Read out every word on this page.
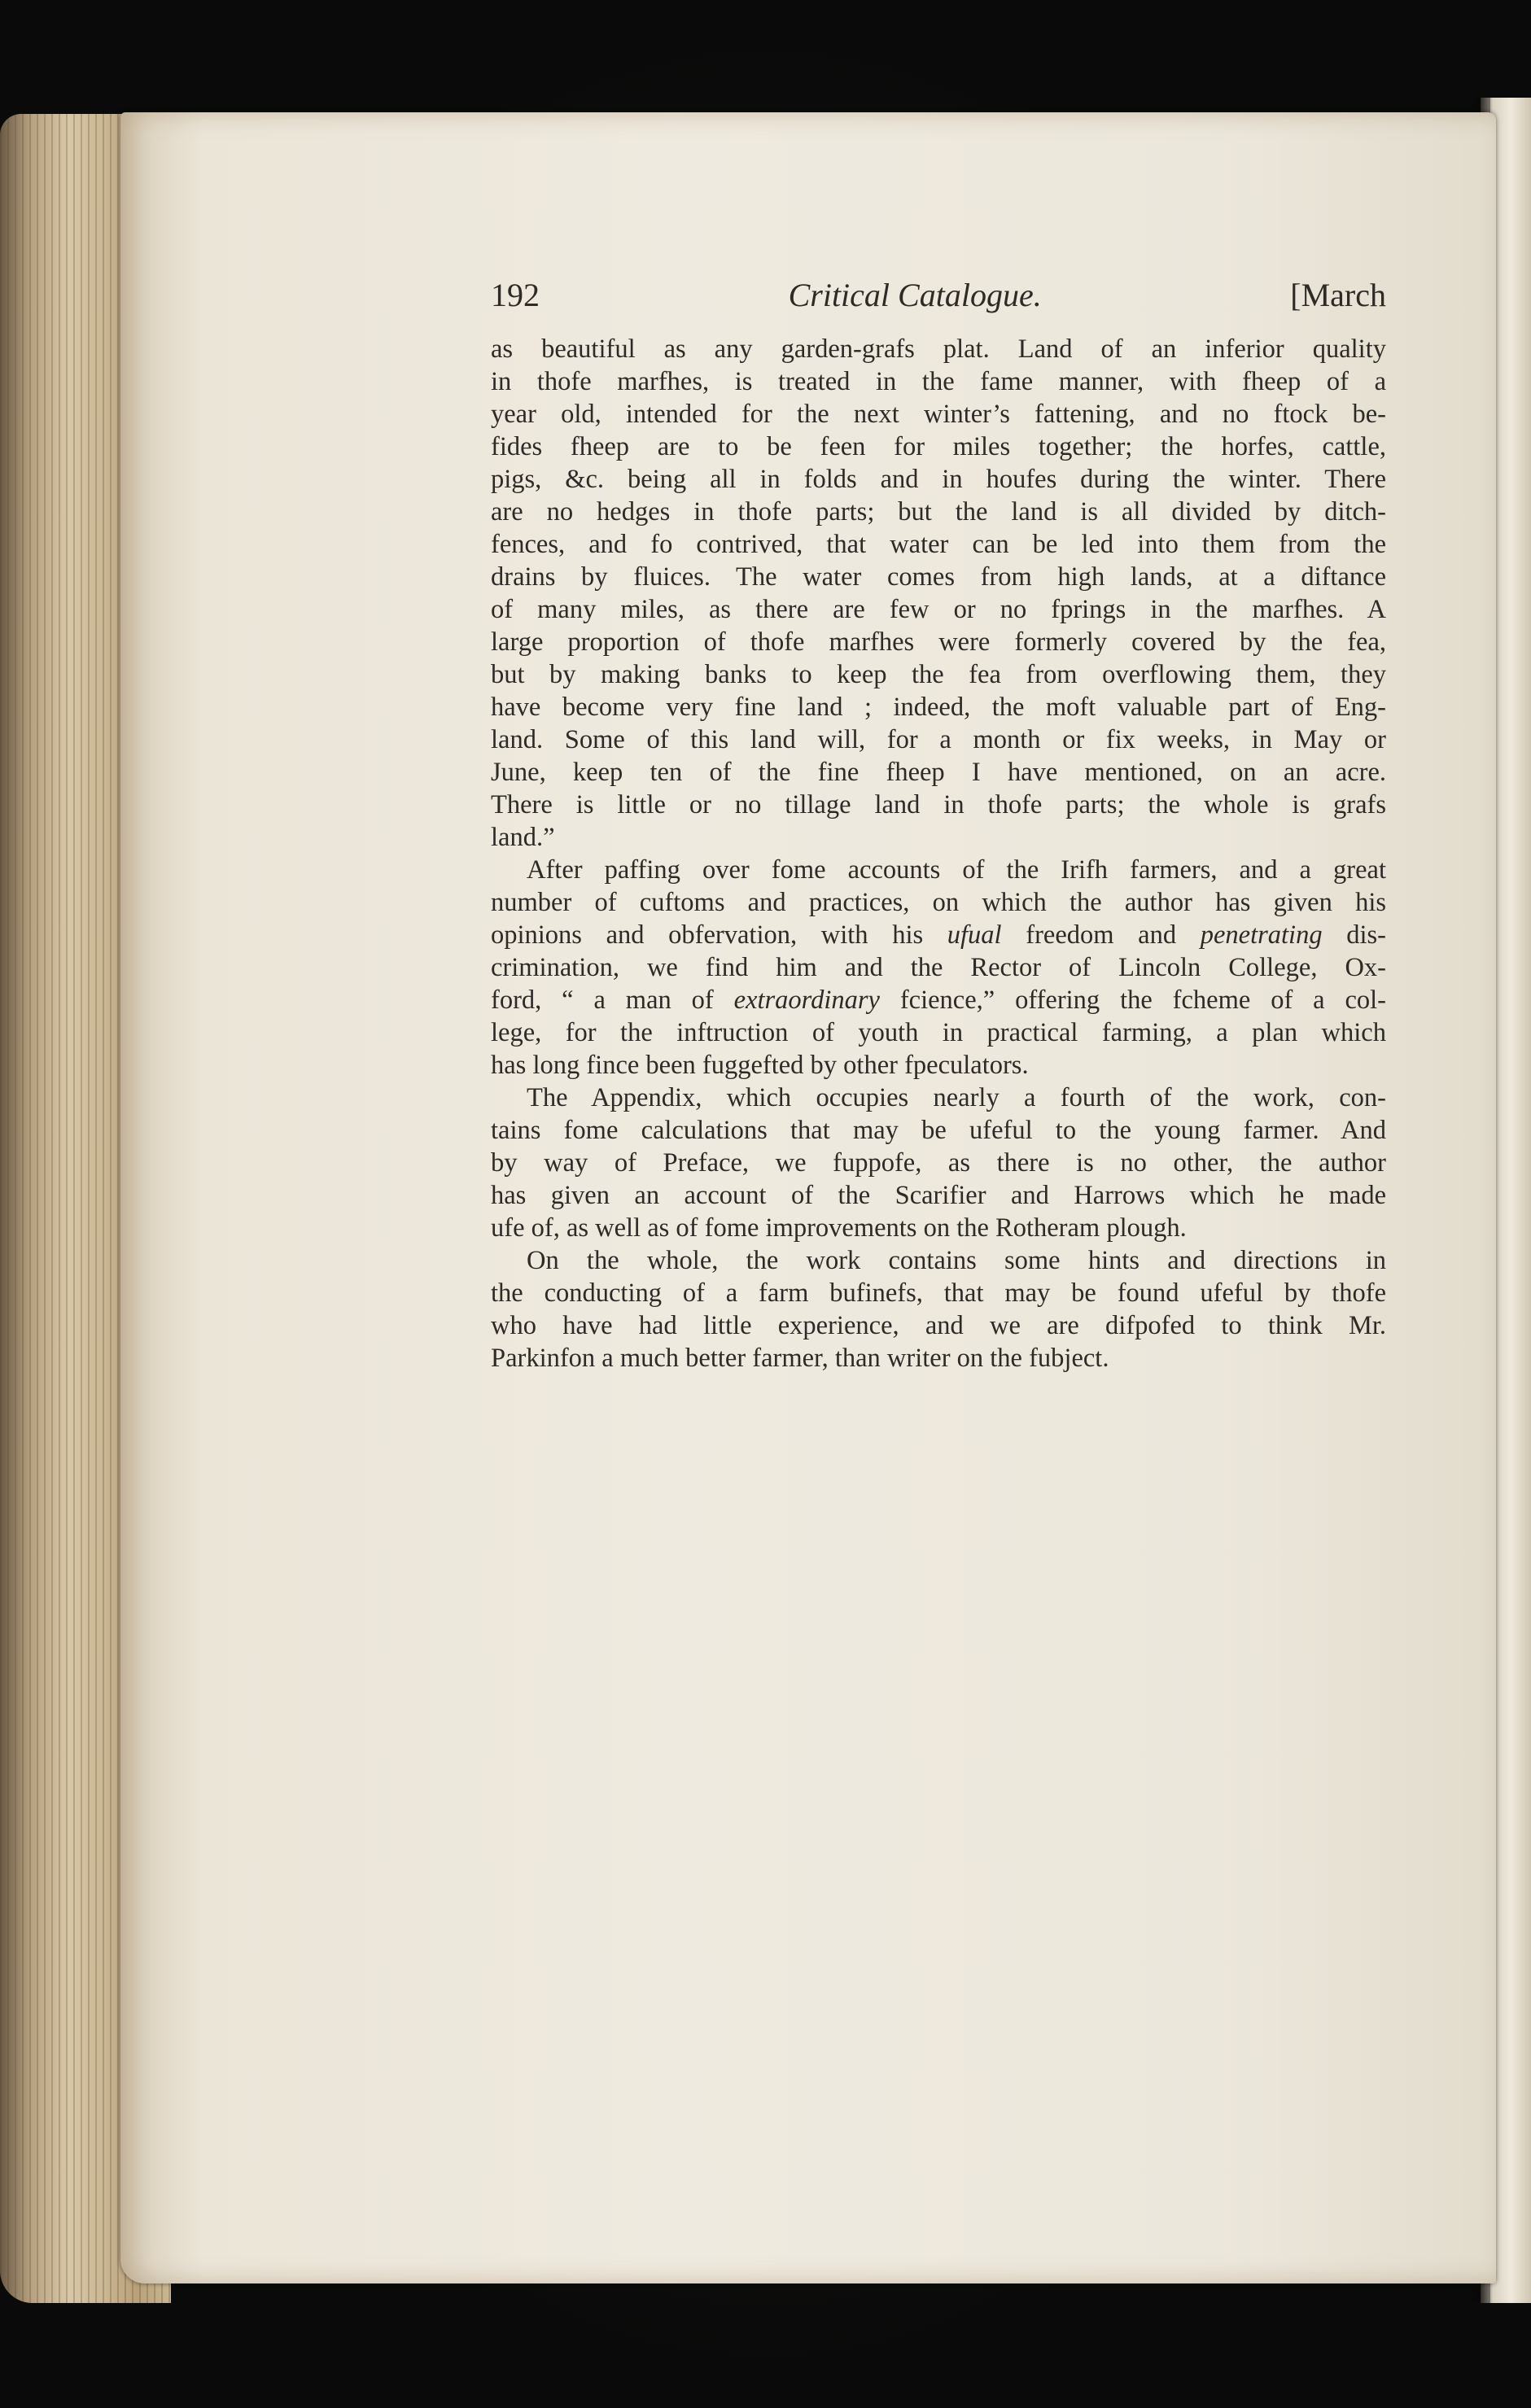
192	Critical Catalogue.	[March
as beautiful as any garden-grafs plat. Land of an inferior quality
in thofe marfhes, is treated in the fame manner, with fheep of a
year old, intended for the next winter’s fattening, and no ftock be-
fides fheep are to be feen for miles together; the horfes, cattle,
pigs, &c. being all in folds and in houfes during the winter. There
are no hedges in thofe parts; but the land is all divided by ditch-
fences, and fo contrived, that water can be led into them from the
drains by fluices. The water comes from high lands, at a diftance
of many miles, as there are few or no fprings in the marfhes. A
large proportion of thofe marfhes were formerly covered by the fea,
but by making banks to keep the fea from overflowing them, they
have become very fine land ; indeed, the moft valuable part of Eng-
land. Some of this land will, for a month or fix weeks, in May or
June, keep ten of the fine fheep I have mentioned, on an acre.
There is little or no tillage land in thofe parts; the whole is grafs
land.”
After paffing over fome accounts of the Irifh farmers, and a great
number of cuftoms and practices, on which the author has given his
opinions and obfervation, with his ufual freedom and penetrating dis-
crimination, we find him and the Rector of Lincoln College, Ox-
ford, “ a man of extraordinary fcience,” offering the fcheme of a col-
lege, for the inftruction of youth in practical farming, a plan which
has long fince been fuggefted by other fpeculators.
The Appendix, which occupies nearly a fourth of the work, con-
tains fome calculations that may be ufeful to the young farmer. And
by way of Preface, we fuppofe, as there is no other, the author
has given an account of the Scarifier and Harrows which he made
ufe of, as well as of fome improvements on the Rotheram plough.
On the whole, the work contains some hints and directions in
the conducting of a farm bufinefs, that may be found ufeful by thofe
who have had little experience, and we are difpofed to think Mr.
Parkinfon a much better farmer, than writer on the fubject.
